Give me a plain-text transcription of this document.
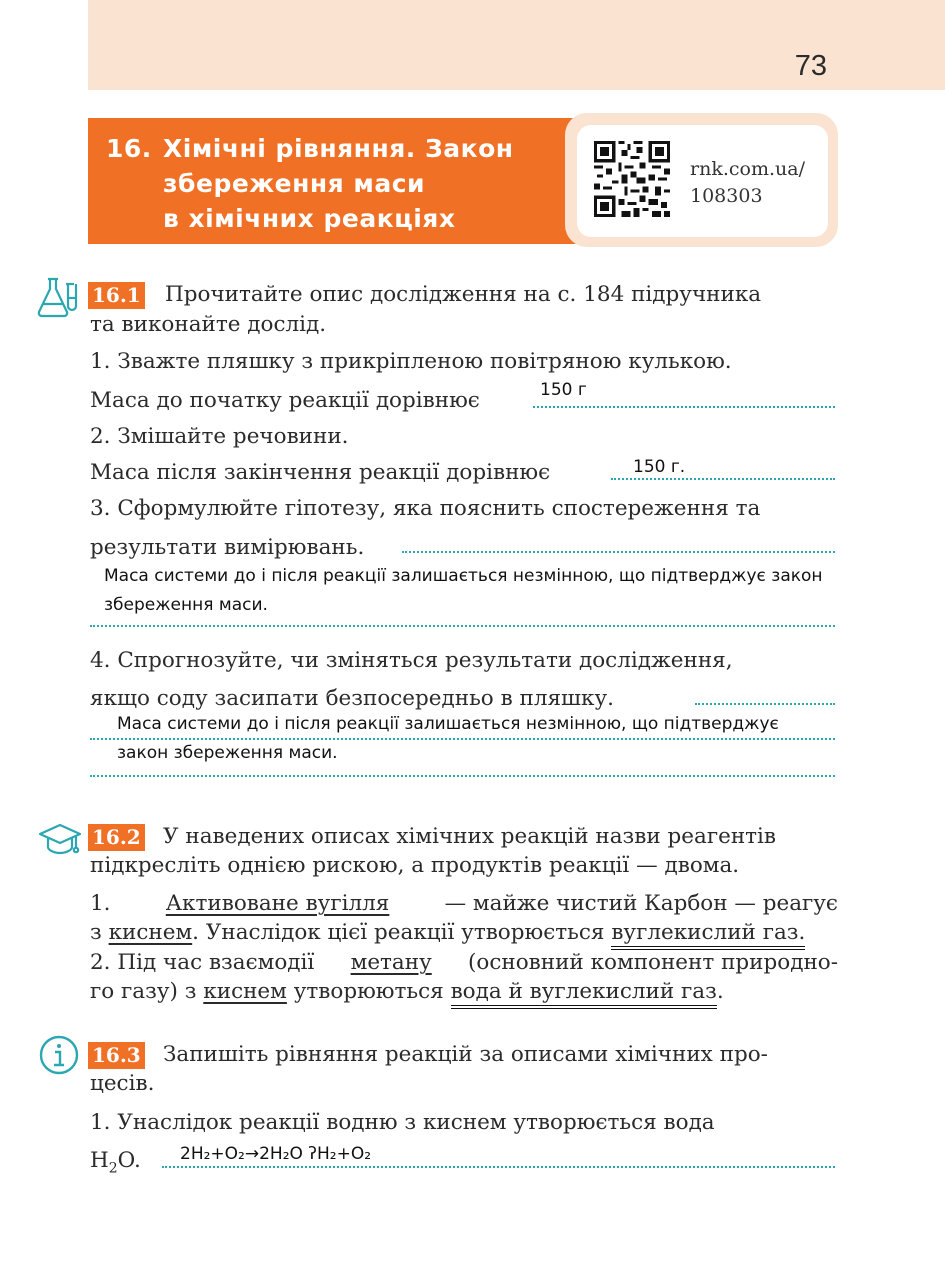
73
16. Хімічні рівняння. Закон
збереження маси
в хімічних реакціях
rnk.com.ua/
108303
16.1 Прочитайте опис дослідження на с. 184 підручника
та виконайте дослід.
1. Зважте пляшку з прикріпленою повітряною кулькою.
Маса до початку реакції дорівнює	150 г
2. Змішайте речовини.
Маса після закінчення реакції дорівнює	150 г.
3. Сформулюйте гіпотезу, яка пояснить спостереження та
результати вимірювань.
Маса системи до і після реакції залишається незмінною, що підтверджує закон
збереження маси.
4. Спрогнозуйте, чи зміняться результати дослідження,
якщо соду засипати безпосередньо в пляшку.
Маса системи до і після реакції залишається незмінною, що підтверджує
закон збереження маси.
16.2 У наведених описах хімічних реакцій назви реагентів
підкресліть однією рискою, а продуктів реакції — двома.
1.	Активоване вугілля	— майже чистий Карбон — реагує
з киснем. Унаслідок цієї реакції утворюється вуглекислий газ.
2. Під час взаємодії метану (основний компонент природно-
го газу) з киснем утворюються вода й вуглекислий газ.
16.3 Запишіть рівняння реакцій за описами хімічних про-
цесів.
1. Унаслідок реакції водню з киснем утворюється вода
$H_2O$. 2H₂+O₂→2H₂O ʔH₂+O₂
